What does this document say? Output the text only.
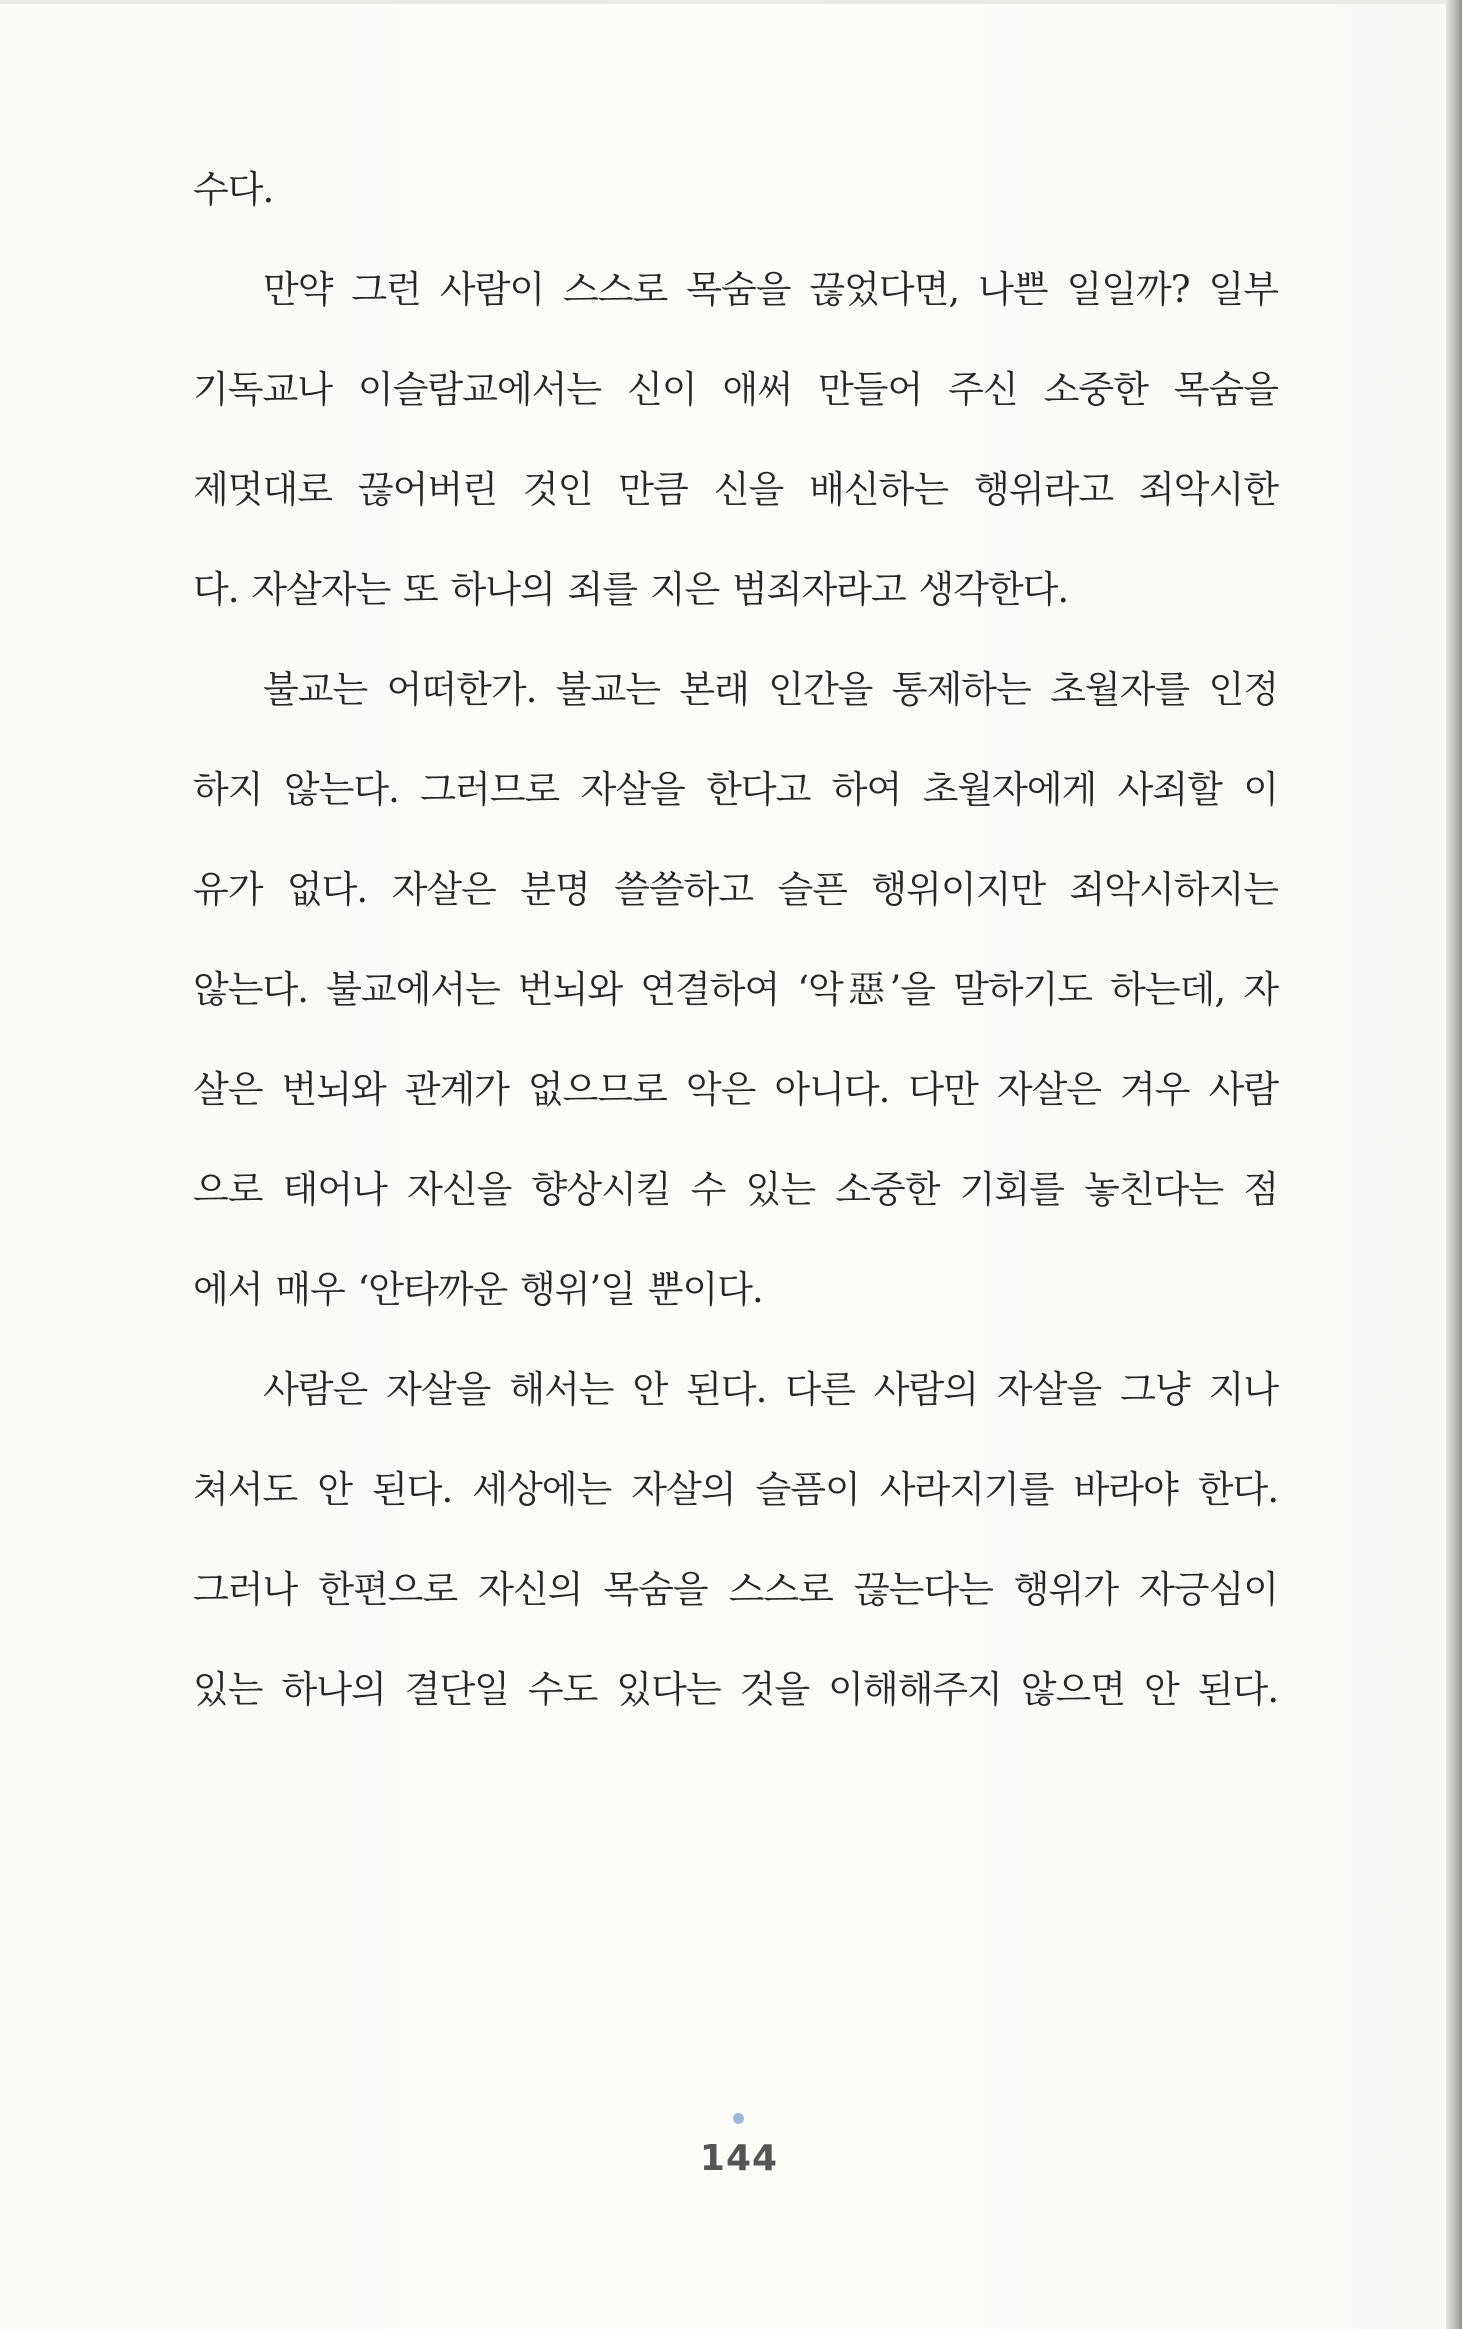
수다.
만약 그런 사람이 스스로 목숨을 끊었다면, 나쁜 일일까? 일부
기독교나 이슬람교에서는 신이 애써 만들어 주신 소중한 목숨을
제멋대로 끊어버린 것인 만큼 신을 배신하는 행위라고 죄악시한
다. 자살자는 또 하나의 죄를 지은 범죄자라고 생각한다.
불교는 어떠한가. 불교는 본래 인간을 통제하는 초월자를 인정
하지 않는다. 그러므로 자살을 한다고 하여 초월자에게 사죄할 이
유가 없다. 자살은 분명 쓸쓸하고 슬픈 행위이지만 죄악시하지는
않는다. 불교에서는 번뇌와 연결하여 ‘악惡’을 말하기도 하는데, 자
살은 번뇌와 관계가 없으므로 악은 아니다. 다만 자살은 겨우 사람
으로 태어나 자신을 향상시킬 수 있는 소중한 기회를 놓친다는 점
에서 매우 ‘안타까운 행위’일 뿐이다.
사람은 자살을 해서는 안 된다. 다른 사람의 자살을 그냥 지나
쳐서도 안 된다. 세상에는 자살의 슬픔이 사라지기를 바라야 한다.
그러나 한편으로 자신의 목숨을 스스로 끊는다는 행위가 자긍심이
있는 하나의 결단일 수도 있다는 것을 이해해주지 않으면 안 된다.
144
